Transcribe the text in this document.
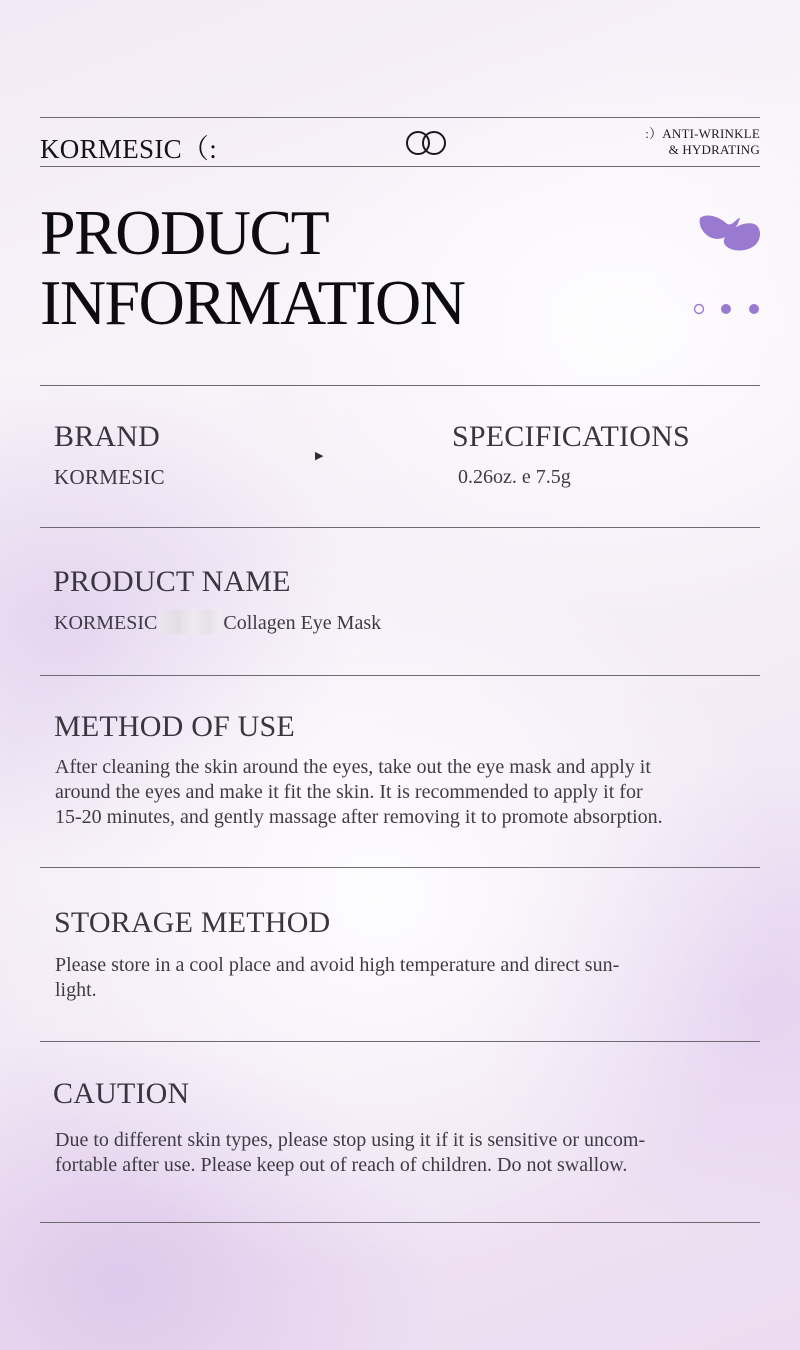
KORMESIC（:
:）ANTI-WRINKLE
& HYDRATING
PRODUCT
INFORMATION
BRAND
KORMESIC
▶
SPECIFICATIONS
0.26oz. e 7.5g
PRODUCT NAME
KORMESIC	Collagen Eye Mask
METHOD OF USE
After cleaning the skin around the eyes, take out the eye mask and apply it
around the eyes and make it fit the skin. It is recommended to apply it for
15-20 minutes, and gently massage after removing it to promote absorption.
STORAGE METHOD
Please store in a cool place and avoid high temperature and direct sun-
light.
CAUTION
Due to different skin types, please stop using it if it is sensitive or uncom-
fortable after use. Please keep out of reach of children. Do not swallow.
